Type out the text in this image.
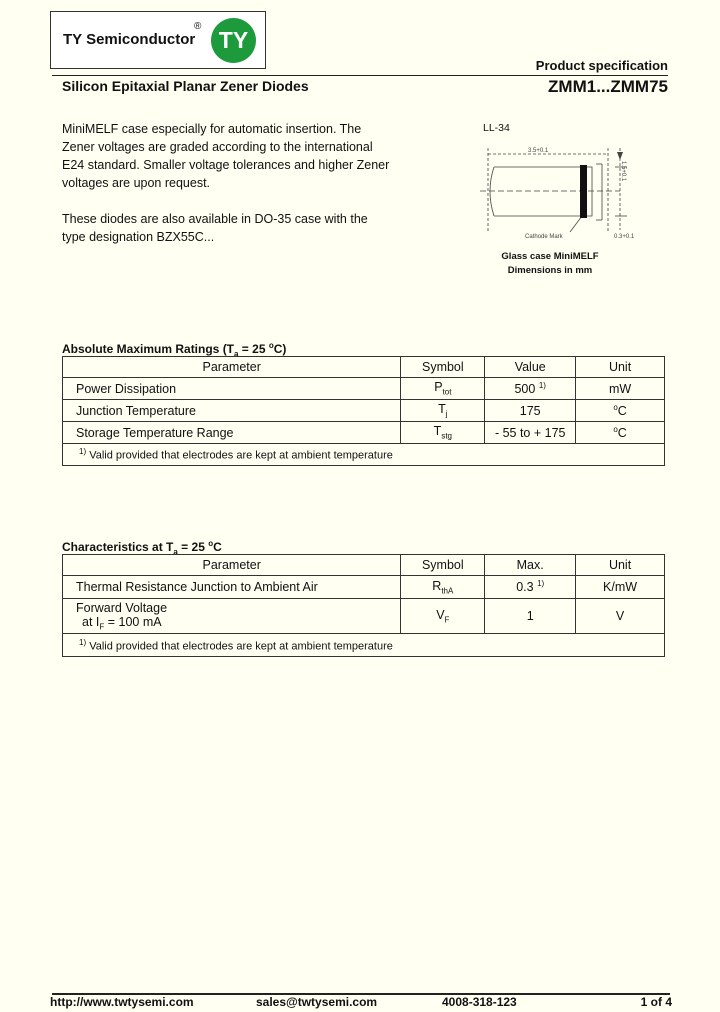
TY Semiconductor
®
TY
Product specification
Silicon Epitaxial Planar Zener Diodes	ZMM1...ZMM75
MiniMELF case especially for automatic insertion. The Zener voltages are graded according to the international E24 standard. Smaller voltage tolerances and higher Zener voltages are upon request.
These diodes are also available in DO-35 case with the type designation BZX55C...
LL-34
3.5+0.1
1.5+0.1
Cathode Mark	0.3+0.1
Glass case MiniMELF
Dimensions in mm
Absolute Maximum Ratings ($T_a = 25$ $^o$C)
Parameter	Symbol	Value	Unit
Power Dissipation	$P_{tot}$	500 $^{1)}$	mW
Junction Temperature	$T_j$	175	$^o$C
Storage Temperature Range	$T_{stg}$	- 55 to + 175	$^o$C
$^{1)}$ Valid provided that electrodes are kept at ambient temperature			
Characteristics at $T_a = 25$ $^o$C
Parameter	Symbol	Max.	Unit
Thermal Resistance Junction to Ambient Air	$R_{thA}$	0.3 $^{1)}$	K/mW

Forward Voltage
at $I_F = 100$ mA	$V_F$	1	V
$^{1)}$ Valid provided that electrodes are kept at ambient temperature			
http://www.twtysemi.com	sales@twtysemi.com	4008-318-123	1 of 4
